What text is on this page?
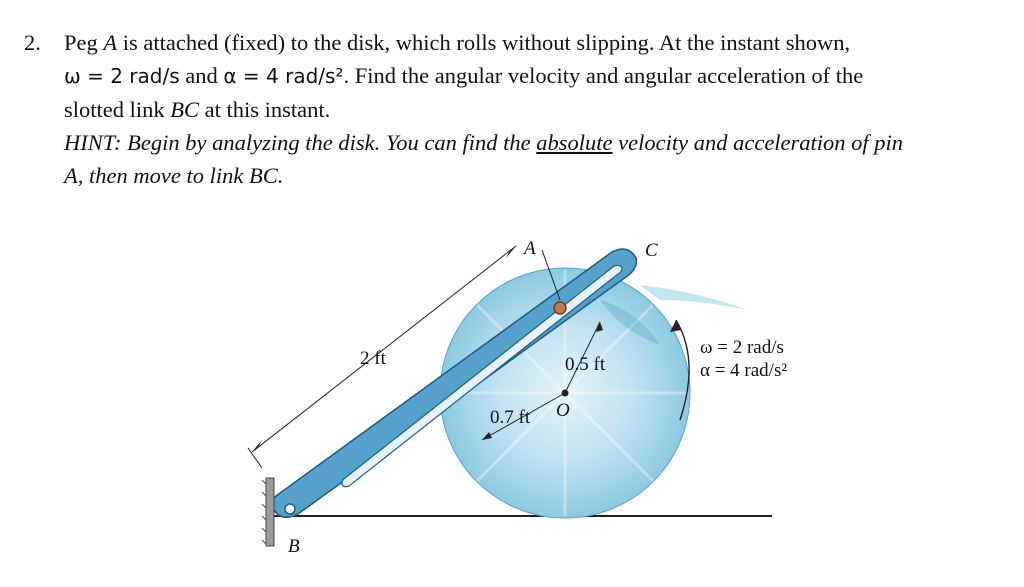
2. Peg A is attached (fixed) to the disk, which rolls without slipping. At the instant shown,

ω = 2 rad/s and α = 4 rad/s². Find the angular velocity and angular acceleration of the

slotted link BC at this instant.

HINT: Begin by analyzing the disk. You can find the absolute velocity and acceleration of pin

A, then move to link BC.

A	C
B
O
2 ft	0.5 ft
0.7 ft
ω = 2 rad/s
α = 4 rad/s²
